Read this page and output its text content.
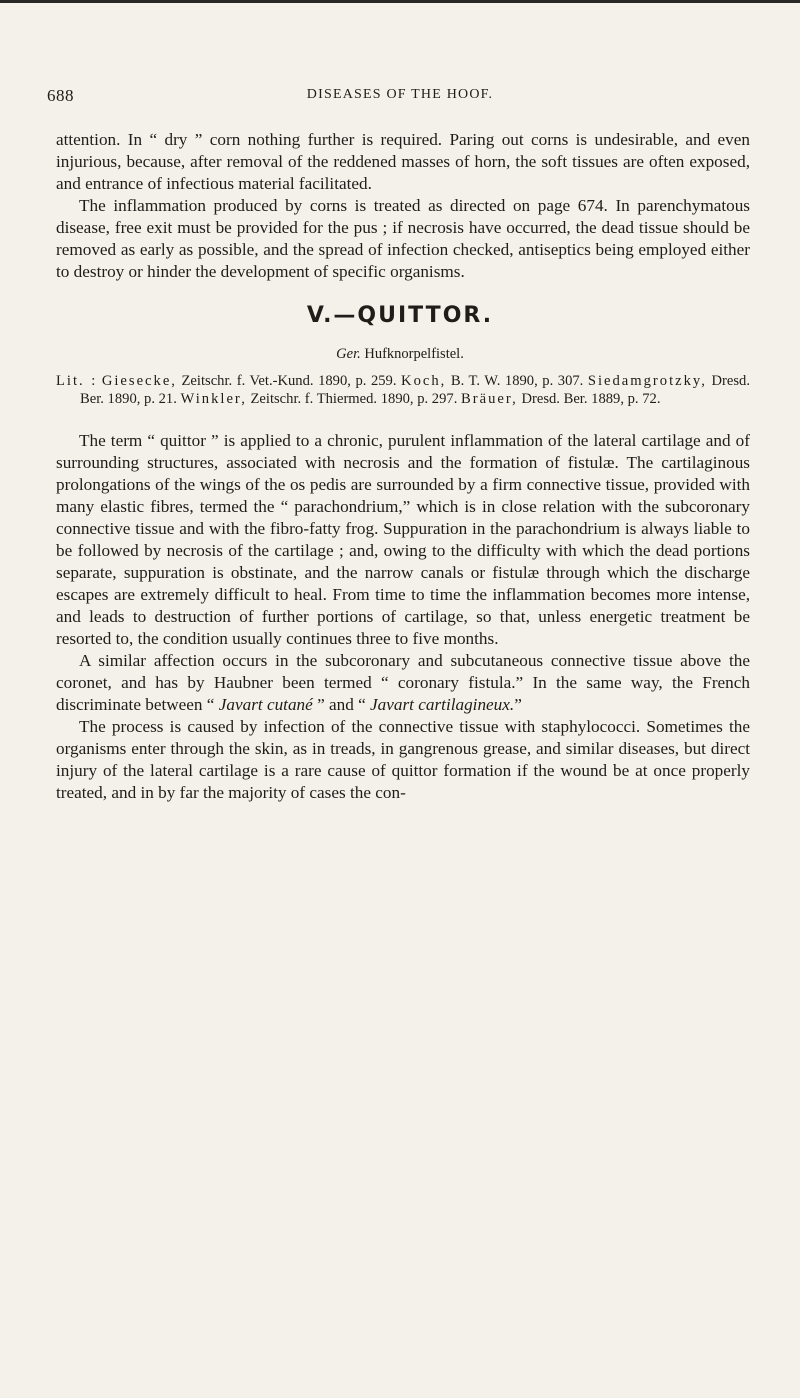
688	DISEASES OF THE HOOF.

attention. In “ dry ” corn nothing further is required. Paring out corns is undesirable, and even injurious, because, after removal of the reddened masses of horn, the soft tissues are often exposed, and entrance of infectious material facilitated.

The inflammation produced by corns is treated as directed on page 674. In parenchymatous disease, free exit must be provided for the pus ; if necrosis have occurred, the dead tissue should be removed as early as possible, and the spread of infection checked, antiseptics being employed either to destroy or hinder the development of specific organisms.

V.—QUITTOR.
Ger. Hufknorpelfistel.
Lit. : Giesecke, Zeitschr. f. Vet.-Kund. 1890, p. 259. Koch, B. T. W. 1890, p. 307. Siedamgrotzky, Dresd. Ber. 1890, p. 21. Winkler, Zeitschr. f. Thiermed. 1890, p. 297. Bräuer, Dresd. Ber. 1889, p. 72.

The term “ quittor ” is applied to a chronic, purulent inflammation of the lateral cartilage and of surrounding structures, associated with necrosis and the formation of fistulæ. The cartilaginous prolongations of the wings of the os pedis are surrounded by a firm connective tissue, provided with many elastic fibres, termed the “ parachondrium,” which is in close relation with the subcoronary connective tissue and with the fibro-fatty frog. Suppuration in the parachondrium is always liable to be followed by necrosis of the cartilage ; and, owing to the difficulty with which the dead portions separate, suppuration is obstinate, and the narrow canals or fistulæ through which the discharge escapes are extremely difficult to heal. From time to time the inflammation becomes more intense, and leads to destruction of further portions of cartilage, so that, unless energetic treatment be resorted to, the condition usually continues three to five months.

A similar affection occurs in the subcoronary and subcutaneous connective tissue above the coronet, and has by Haubner been termed “ coronary fistula.” In the same way, the French discriminate between “ Javart cutané ” and “ Javart cartilagineux.”

The process is caused by infection of the connective tissue with staphylococci. Sometimes the organisms enter through the skin, as in treads, in gangrenous grease, and similar diseases, but direct injury of the lateral cartilage is a rare cause of quittor formation if the wound be at once properly treated, and in by far the majority of cases the con-
